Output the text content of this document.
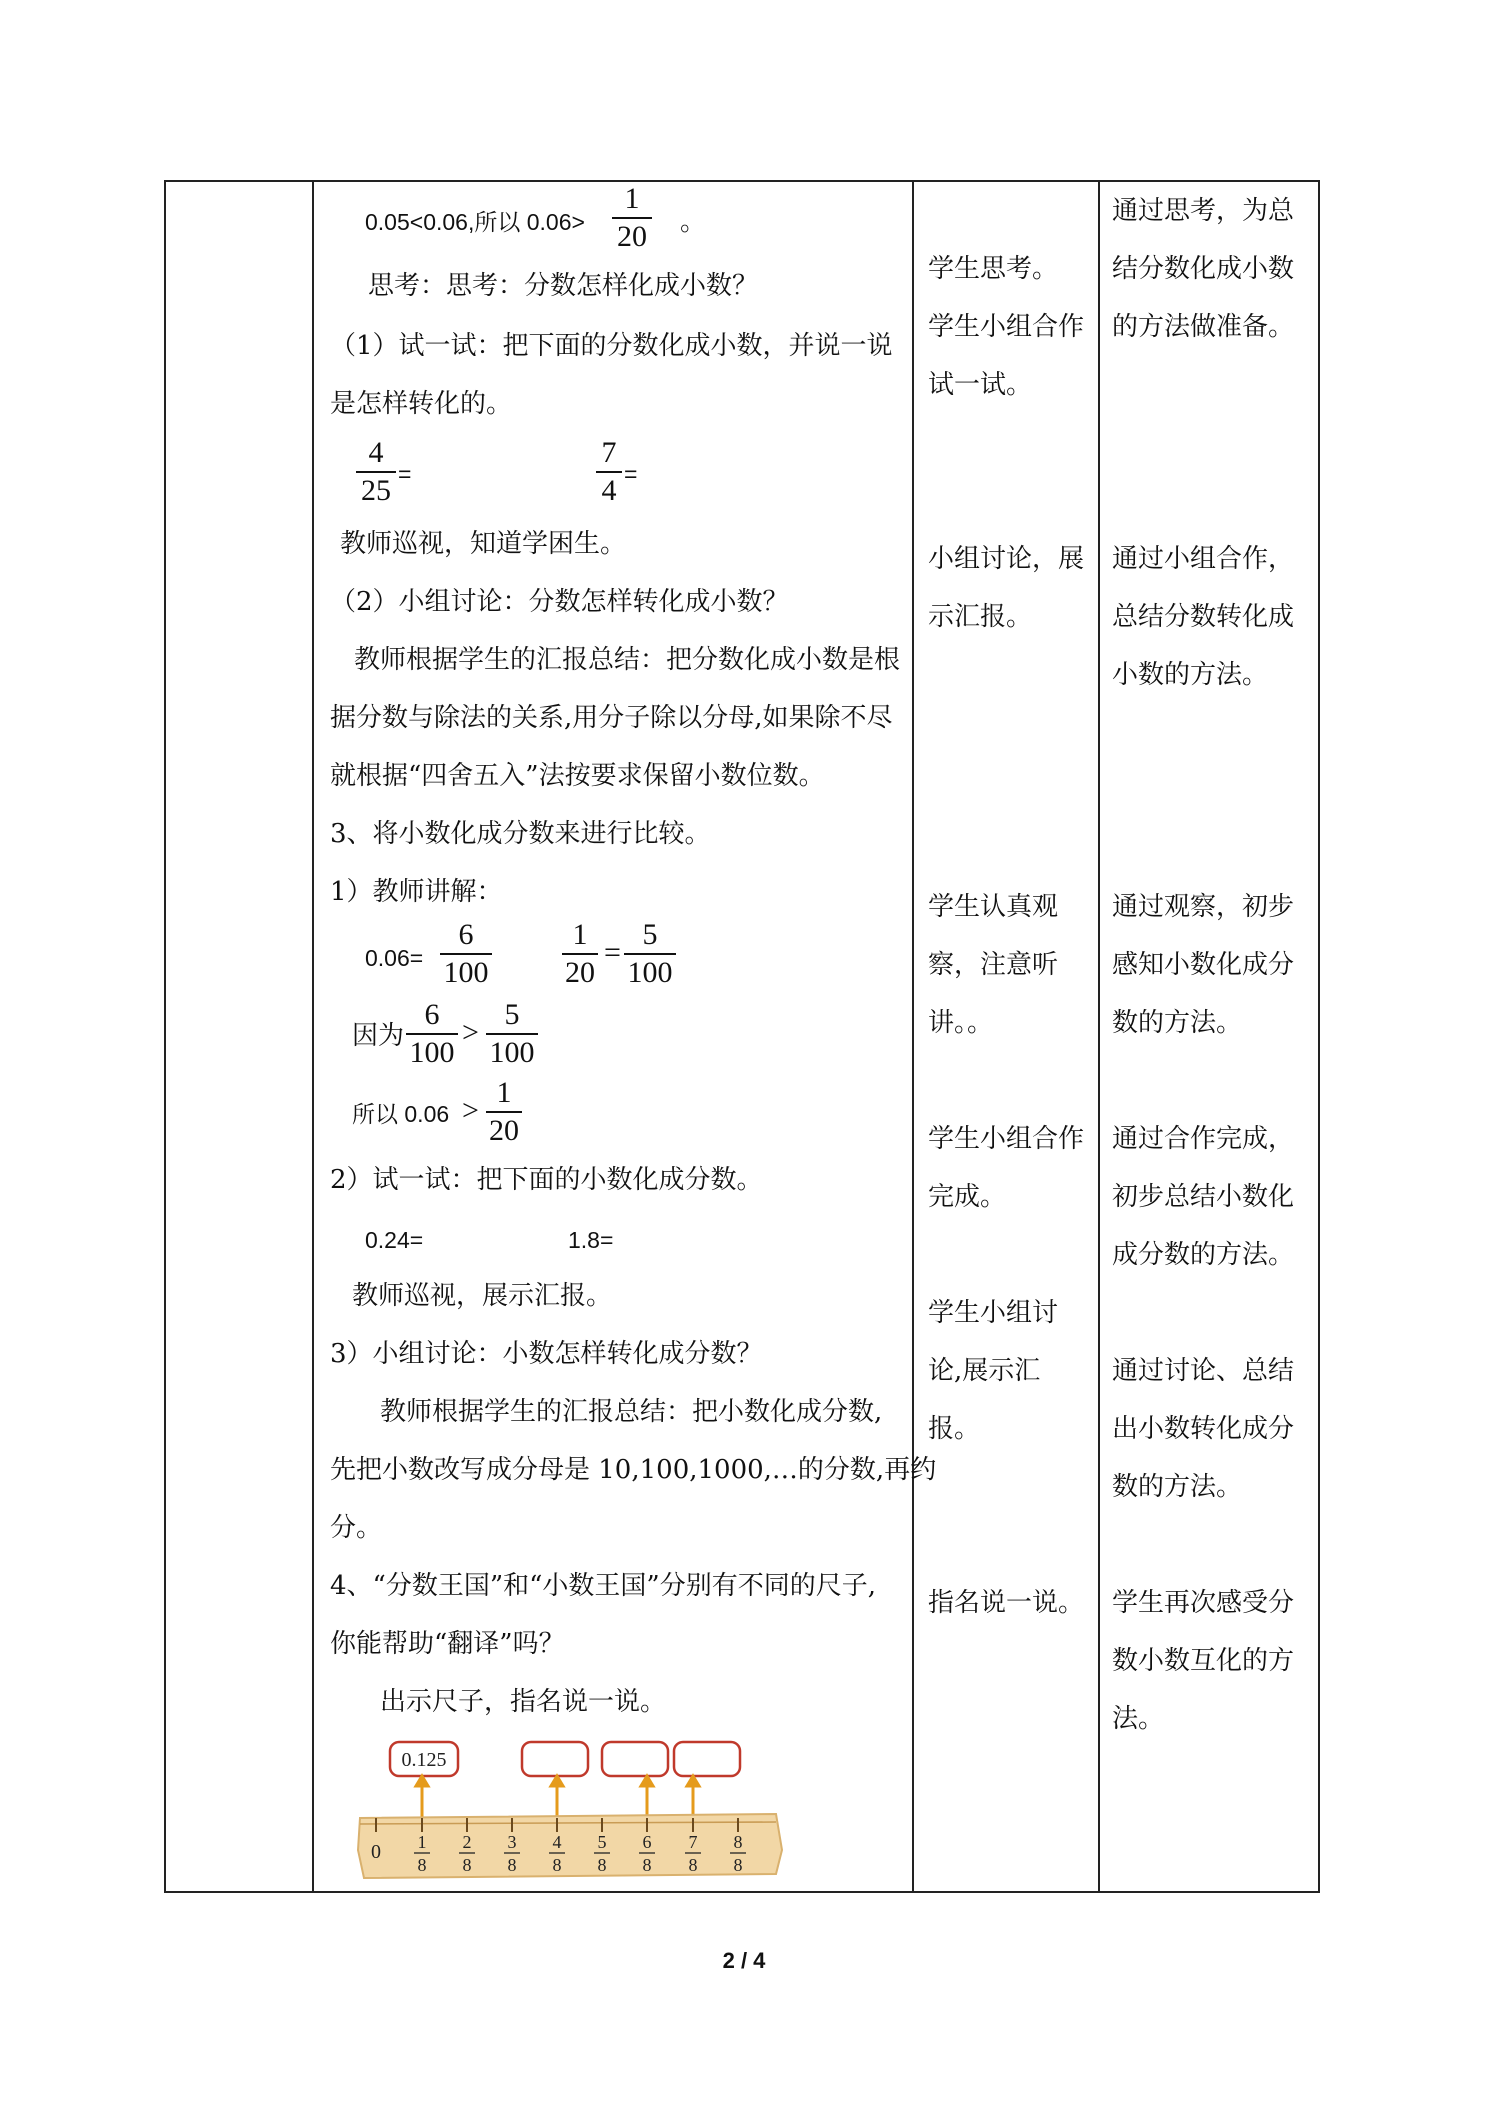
0.05<0.06,所以 0.06>
1
20 。
思考：思考：分数怎样化成小数？
（1）试一试：把下面的分数化成小数，并说一说
是怎样转化的。
4
25 =
7
4 =
教师巡视，知道学困生。
（2）小组讨论：分数怎样转化成小数？
教师根据学生的汇报总结：把分数化成小数是根
据分数与除法的关系,用分子除以分母,如果除不尽
就根据“四舍五入”法按要求保留小数位数。
3、将小数化成分数来进行比较。
1）教师讲解：
0.06=
6
100
1
20
=
5
100
因为
6
100
>
5
100
所以 0.06 >
1
20
2）试一试：把下面的小数化成分数。
0.24=	1.8=
教师巡视，展示汇报。
3）小组讨论：小数怎样转化成分数？
教师根据学生的汇报总结：把小数化成分数,
先把小数改写成分母是 10,100,1000,…的分数,再约
分。
4、“分数王国”和“小数王国”分别有不同的尺子,
你能帮助“翻译”吗？
出示尺子，指名说一说。
0.125
0 1 2 3 4 5 6 7 8
8 8 8 8 8 8 8 8
学生思考。
学生小组合作试一试。
小组讨论，展示汇报。
学生认真观察，注意听讲。。
学生小组合作完成。
学生小组讨论,展示汇报。
指名说一说。
通过思考，为总结分数化成小数的方法做准备。
通过小组合作，总结分数转化成小数的方法。
通过观察，初步感知小数化成分数的方法。
通过合作完成，初步总结小数化成分数的方法。
通过讨论、总结出小数转化成分数的方法。
学生再次感受分数小数互化的方法。
2 / 4
